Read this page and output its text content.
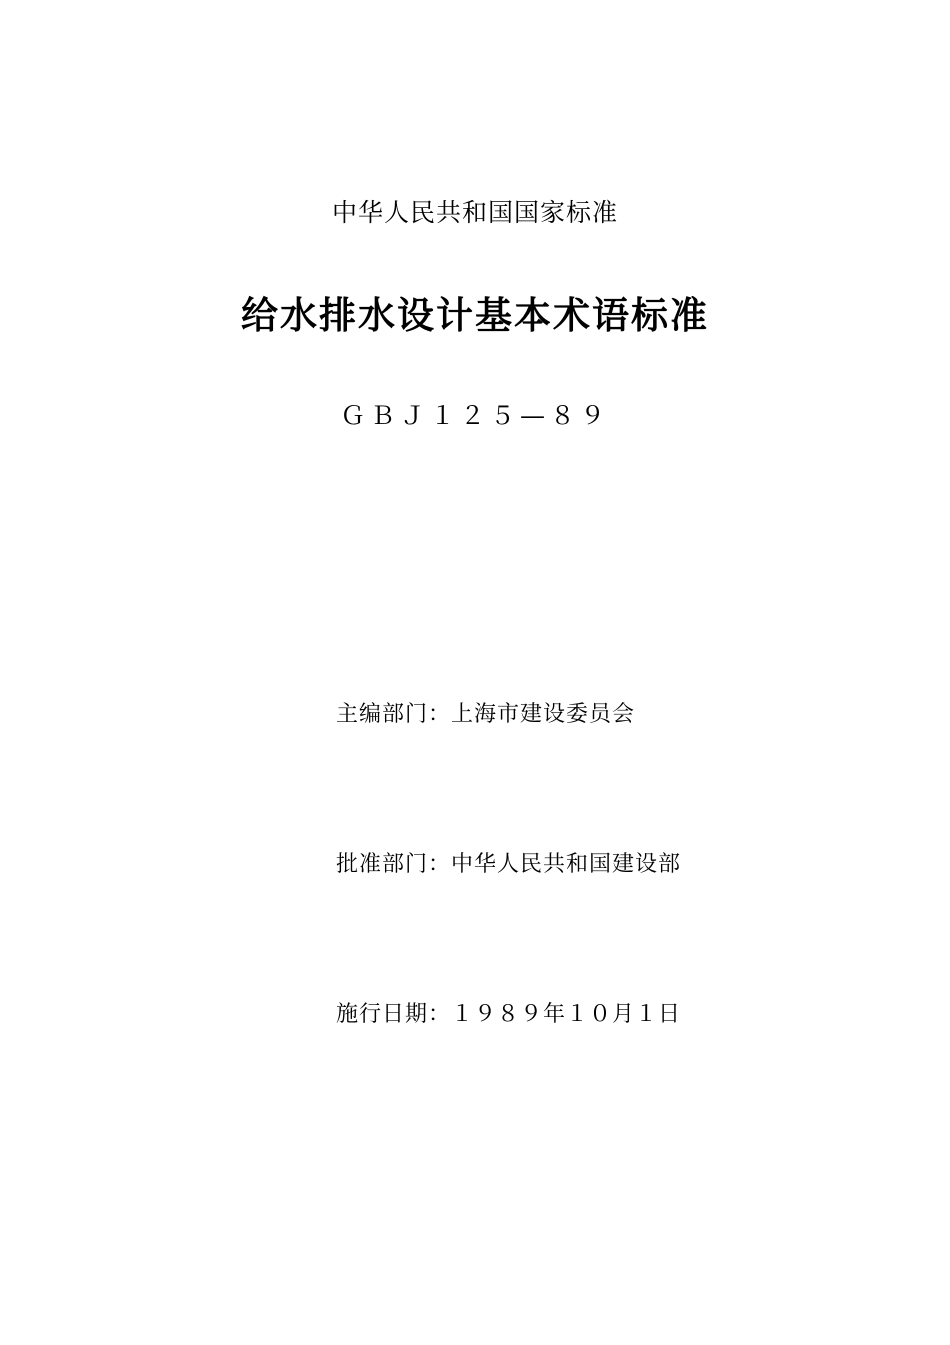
中华人民共和国国家标准
给水排水设计基本术语标准
ＧＢＪ１２５—８９

主编部门：上海市建设委员会

批准部门：中华人民共和国建设部

施行日期：１９８９年１０月１日
